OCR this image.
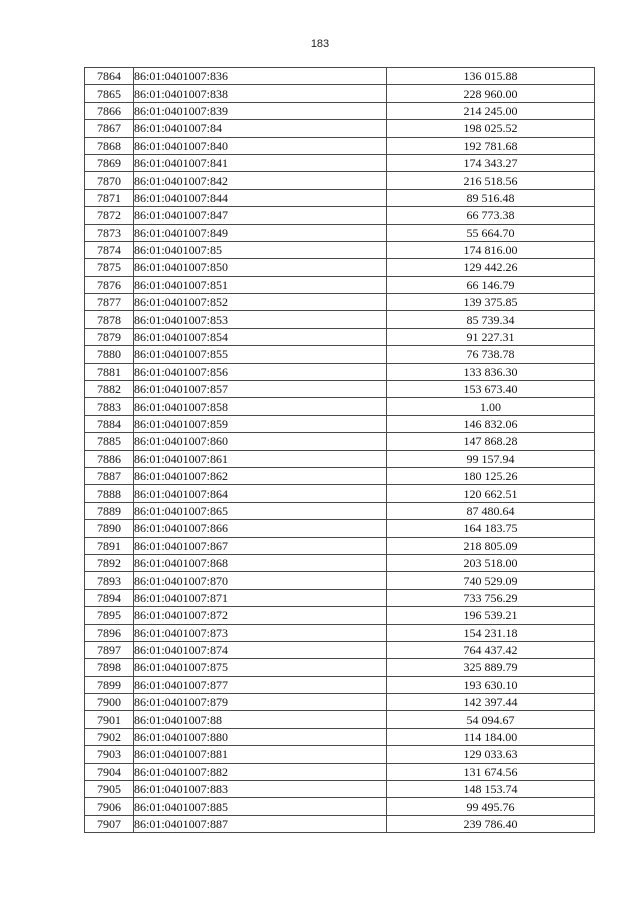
183
7864	86:01:0401007:836	136 015.88
7865	86:01:0401007:838	228 960.00
7866	86:01:0401007:839	214 245.00
7867	86:01:0401007:84	198 025.52
7868	86:01:0401007:840	192 781.68
7869	86:01:0401007:841	174 343.27
7870	86:01:0401007:842	216 518.56
7871	86:01:0401007:844	89 516.48
7872	86:01:0401007:847	66 773.38
7873	86:01:0401007:849	55 664.70
7874	86:01:0401007:85	174 816.00
7875	86:01:0401007:850	129 442.26
7876	86:01:0401007:851	66 146.79
7877	86:01:0401007:852	139 375.85
7878	86:01:0401007:853	85 739.34
7879	86:01:0401007:854	91 227.31
7880	86:01:0401007:855	76 738.78
7881	86:01:0401007:856	133 836.30
7882	86:01:0401007:857	153 673.40
7883	86:01:0401007:858	1.00
7884	86:01:0401007:859	146 832.06
7885	86:01:0401007:860	147 868.28
7886	86:01:0401007:861	99 157.94
7887	86:01:0401007:862	180 125.26
7888	86:01:0401007:864	120 662.51
7889	86:01:0401007:865	87 480.64
7890	86:01:0401007:866	164 183.75
7891	86:01:0401007:867	218 805.09
7892	86:01:0401007:868	203 518.00
7893	86:01:0401007:870	740 529.09
7894	86:01:0401007:871	733 756.29
7895	86:01:0401007:872	196 539.21
7896	86:01:0401007:873	154 231.18
7897	86:01:0401007:874	764 437.42
7898	86:01:0401007:875	325 889.79
7899	86:01:0401007:877	193 630.10
7900	86:01:0401007:879	142 397.44
7901	86:01:0401007:88	54 094.67
7902	86:01:0401007:880	114 184.00
7903	86:01:0401007:881	129 033.63
7904	86:01:0401007:882	131 674.56
7905	86:01:0401007:883	148 153.74
7906	86:01:0401007:885	99 495.76
7907	86:01:0401007:887	239 786.40
